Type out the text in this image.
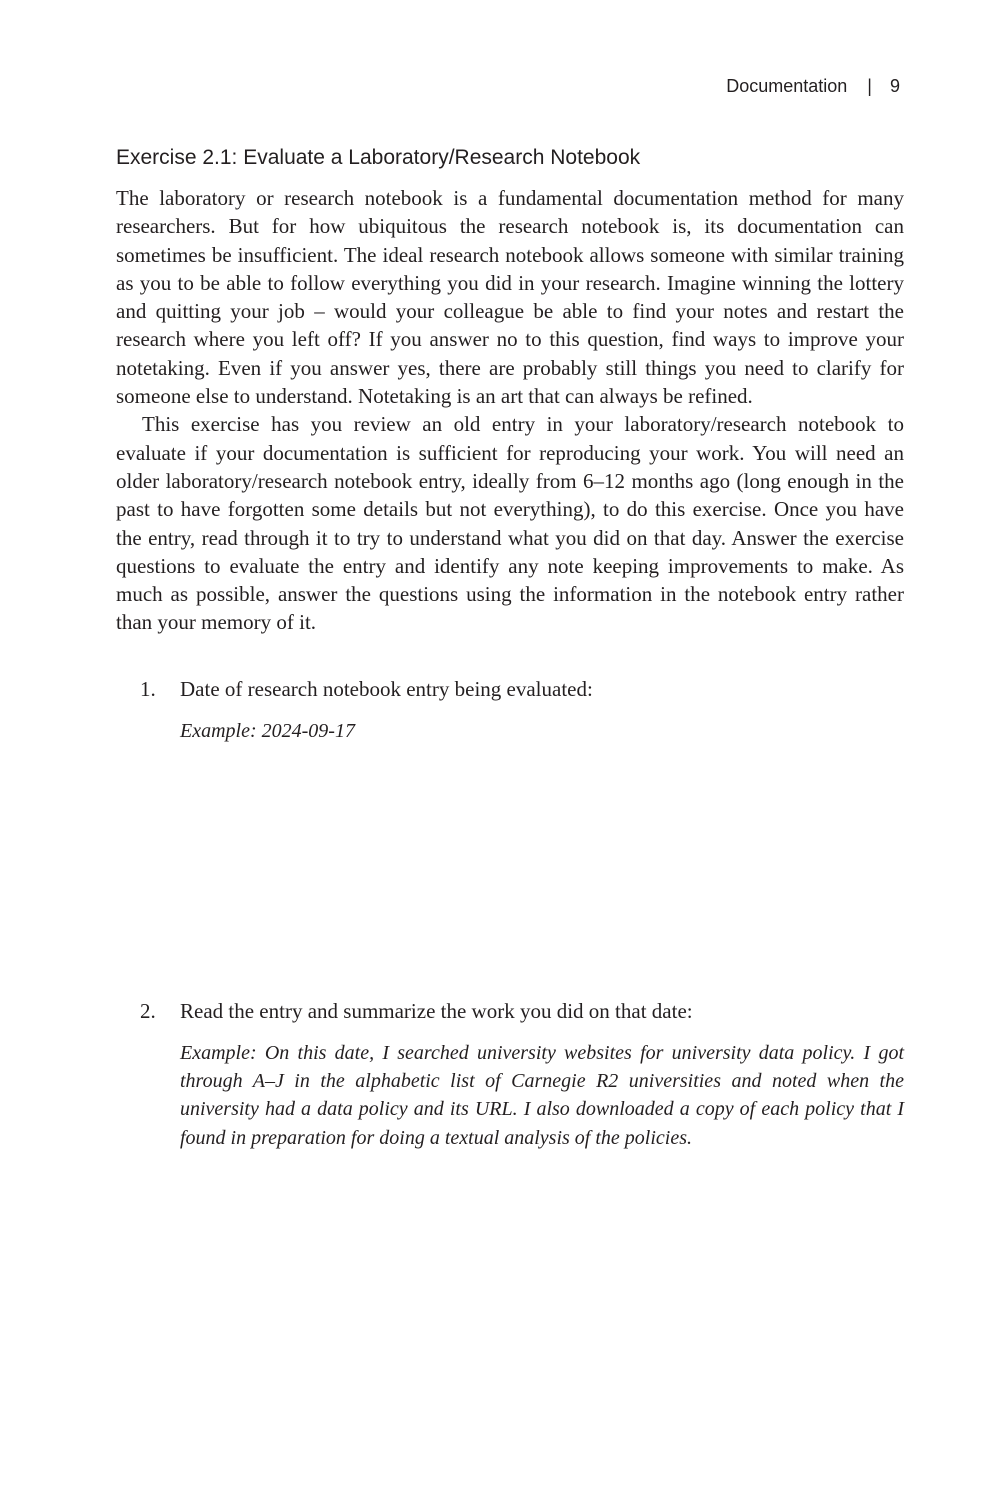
Documentation | 9
Exercise 2.1: Evaluate a Laboratory/Research Notebook

The laboratory or research notebook is a fundamental documentation method for many researchers. But for how ubiquitous the research notebook is, its documentation can sometimes be insufficient. The ideal research notebook allows someone with similar training as you to be able to follow everything you did in your research. Imagine winning the lottery and quitting your job – would your colleague be able to find your notes and restart the research where you left off? If you answer no to this question, find ways to improve your notetaking. Even if you answer yes, there are probably still things you need to clarify for someone else to understand. Notetaking is an art that can always be refined.

This exercise has you review an old entry in your laboratory/research notebook to evaluate if your documentation is sufficient for reproducing your work. You will need an older laboratory/research notebook entry, ideally from 6–12 months ago (long enough in the past to have forgotten some details but not everything), to do this exercise. Once you have the entry, read through it to try to understand what you did on that day. Answer the exercise questions to evaluate the entry and identify any note keeping improvements to make. As much as possible, answer the questions using the information in the notebook entry rather than your memory of it.

1. Date of research notebook entry being evaluated:
Example: 2024-09-17
2. Read the entry and summarize the work you did on that date:
Example: On this date, I searched university websites for university data policy. I got through A–J in the alphabetic list of Carnegie R2 universities and noted when the university had a data policy and its URL. I also downloaded a copy of each policy that I found in preparation for doing a textual analysis of the policies.
